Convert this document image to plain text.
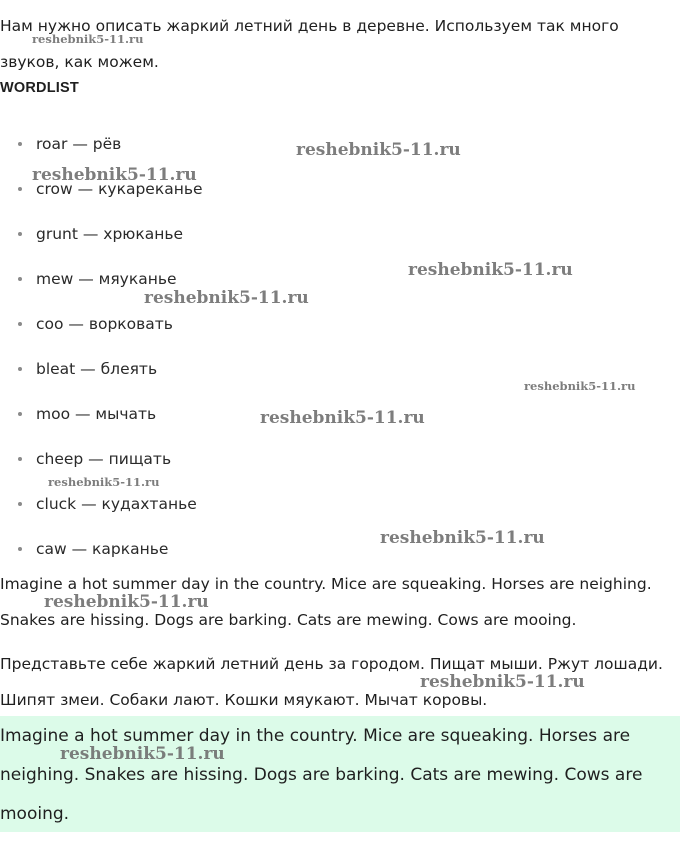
Нам нужно описать жаркий летний день в деревне. Используем так много звуков, как можем.

WORDLIST
roar — рёв
crow — кукареканье
grunt — хрюканье
mew — мяуканье
coo — ворковать
bleat — блеять
moo — мычать
cheep — пищать
cluck — кудахтанье
caw — карканье

Imagine a hot summer day in the country. Mice are squeaking. Horses are neighing. Snakes are hissing. Dogs are barking. Cats are mewing. Cows are mooing.

Представьте себе жаркий летний день за городом. Пищат мыши. Ржут лошади. Шипят змеи. Собаки лают. Кошки мяукают. Мычат коровы.

Imagine a hot summer day in the country. Mice are squeaking. Horses are neighing. Snakes are hissing. Dogs are barking. Cats are mewing. Cows are mooing.

reshebnik5-11.ru
reshebnik5-11.ru
reshebnik5-11.ru
reshebnik5-11.ru
reshebnik5-11.ru
reshebnik5-11.ru
reshebnik5-11.ru
reshebnik5-11.ru
reshebnik5-11.ru
reshebnik5-11.ru
reshebnik5-11.ru
reshebnik5-11.ru
